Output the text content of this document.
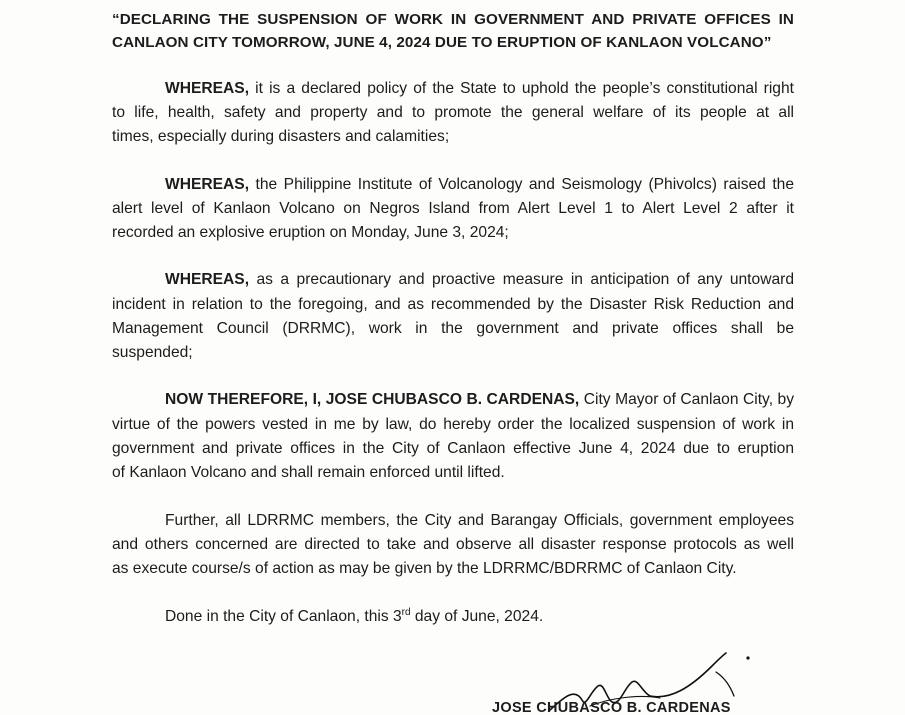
“DECLARING THE SUSPENSION OF WORK IN GOVERNMENT AND PRIVATE OFFICES IN

CANLAON CITY TOMORROW, JUNE 4, 2024 DUE TO ERUPTION OF KANLAON VOLCANO”

WHEREAS, it is a declared policy of the State to uphold the people’s constitutional right

to life, health, safety and property and to promote the general welfare of its people at all

times, especially during disasters and calamities;

WHEREAS, the Philippine Institute of Volcanology and Seismology (Phivolcs) raised the

alert level of Kanlaon Volcano on Negros Island from Alert Level 1 to Alert Level 2 after it

recorded an explosive eruption on Monday, June 3, 2024;

WHEREAS, as a precautionary and proactive measure in anticipation of any untoward

incident in relation to the foregoing, and as recommended by the Disaster Risk Reduction and

Management Council (DRRMC), work in the government and private offices shall be

suspended;

NOW THEREFORE, I, JOSE CHUBASCO B. CARDENAS, City Mayor of Canlaon City, by

virtue of the powers vested in me by law, do hereby order the localized suspension of work in

government and private offices in the City of Canlaon effective June 4, 2024 due to eruption

of Kanlaon Volcano and shall remain enforced until lifted.

Further, all LDRRMC members, the City and Barangay Officials, government employees

and others concerned are directed to take and observe all disaster response protocols as well

as execute course/s of action as may be given by the LDRRMC/BDRRMC of Canlaon City.

Done in the City of Canlaon, this 3rd day of June, 2024.

JOSE CHUBASCO B. CARDENAS
